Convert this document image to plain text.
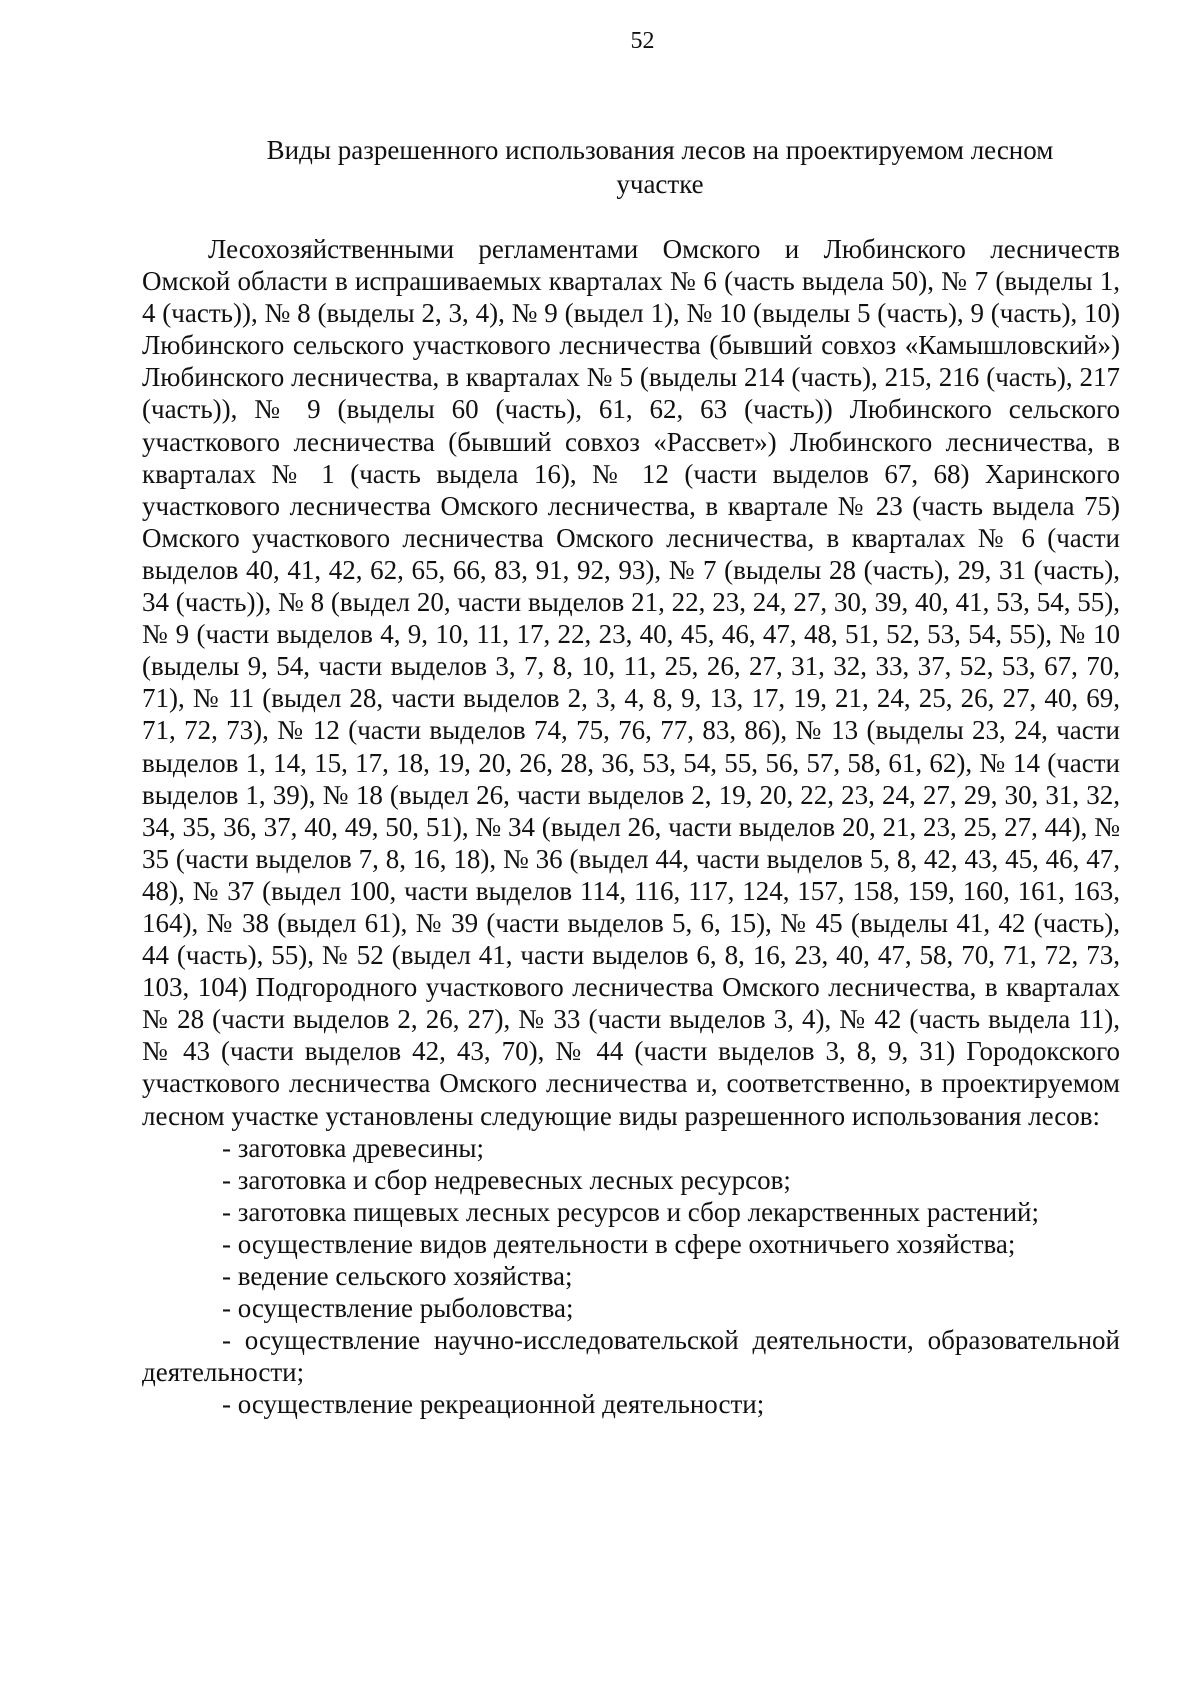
52
Виды разрешенного использования лесов на проектируемом лесном
участке

Лесохозяйственными регламентами Омского и Любинского лесничеств Омской области в испрашиваемых кварталах № 6 (часть выдела 50), № 7 (выделы 1, 4 (часть)), № 8 (выделы 2, 3, 4), № 9 (выдел 1), № 10 (выделы 5 (часть), 9 (часть), 10) Любинского сельского участкового лесничества (бывший совхоз «Камышловский») Любинского лесничества, в кварталах № 5 (выделы 214 (часть), 215, 216 (часть), 217 (часть)), № 9 (выделы 60 (часть), 61, 62, 63 (часть)) Любинского сельского участкового лесничества (бывший совхоз «Рассвет») Любинского лесничества, в кварталах № 1 (часть выдела 16), № 12 (части выделов 67, 68) Харинского участкового лесничества Омского лесничества, в квартале № 23 (часть выдела 75) Омского участкового лесничества Омского лесничества, в кварталах № 6 (части выделов 40, 41, 42, 62, 65, 66, 83, 91, 92, 93), № 7 (выделы 28 (часть), 29, 31 (часть), 34 (часть)), № 8 (выдел 20, части выделов 21, 22, 23, 24, 27, 30, 39, 40, 41, 53, 54, 55), № 9 (части выделов 4, 9, 10, 11, 17, 22, 23, 40, 45, 46, 47, 48, 51, 52, 53, 54, 55), № 10 (выделы 9, 54, части выделов 3, 7, 8, 10, 11, 25, 26, 27, 31, 32, 33, 37, 52, 53, 67, 70, 71), № 11 (выдел 28, части выделов 2, 3, 4, 8, 9, 13, 17, 19, 21, 24, 25, 26, 27, 40, 69, 71, 72, 73), № 12 (части выделов 74, 75, 76, 77, 83, 86), № 13 (выделы 23, 24, части выделов 1, 14, 15, 17, 18, 19, 20, 26, 28, 36, 53, 54, 55, 56, 57, 58, 61, 62), № 14 (части выделов 1, 39), № 18 (выдел 26, части выделов 2, 19, 20, 22, 23, 24, 27, 29, 30, 31, 32, 34, 35, 36, 37, 40, 49, 50, 51), № 34 (выдел 26, части выделов 20, 21, 23, 25, 27, 44), № 35 (части выделов 7, 8, 16, 18), № 36 (выдел 44, части выделов 5, 8, 42, 43, 45, 46, 47, 48), № 37 (выдел 100, части выделов 114, 116, 117, 124, 157, 158, 159, 160, 161, 163, 164), № 38 (выдел 61), № 39 (части выделов 5, 6, 15), № 45 (выделы 41, 42 (часть), 44 (часть), 55), № 52 (выдел 41, части выделов 6, 8, 16, 23, 40, 47, 58, 70, 71, 72, 73, 103, 104) Подгородного участкового лесничества Омского лесничества, в кварталах № 28 (части выделов 2, 26, 27), № 33 (части выделов 3, 4), № 42 (часть выдела 11), № 43 (части выделов 42, 43, 70), № 44 (части выделов 3, 8, 9, 31) Городокского участкового лесничества Омского лесничества и, соответственно, в проектируемом лесном участке установлены следующие виды разрешенного использования лесов:

- заготовка древесины;

- заготовка и сбор недревесных лесных ресурсов;

- заготовка пищевых лесных ресурсов и сбор лекарственных растений;

- осуществление видов деятельности в сфере охотничьего хозяйства;

- ведение сельского хозяйства;

- осуществление рыболовства;

- осуществление научно-исследовательской деятельности, образовательной деятельности;

- осуществление рекреационной деятельности;
